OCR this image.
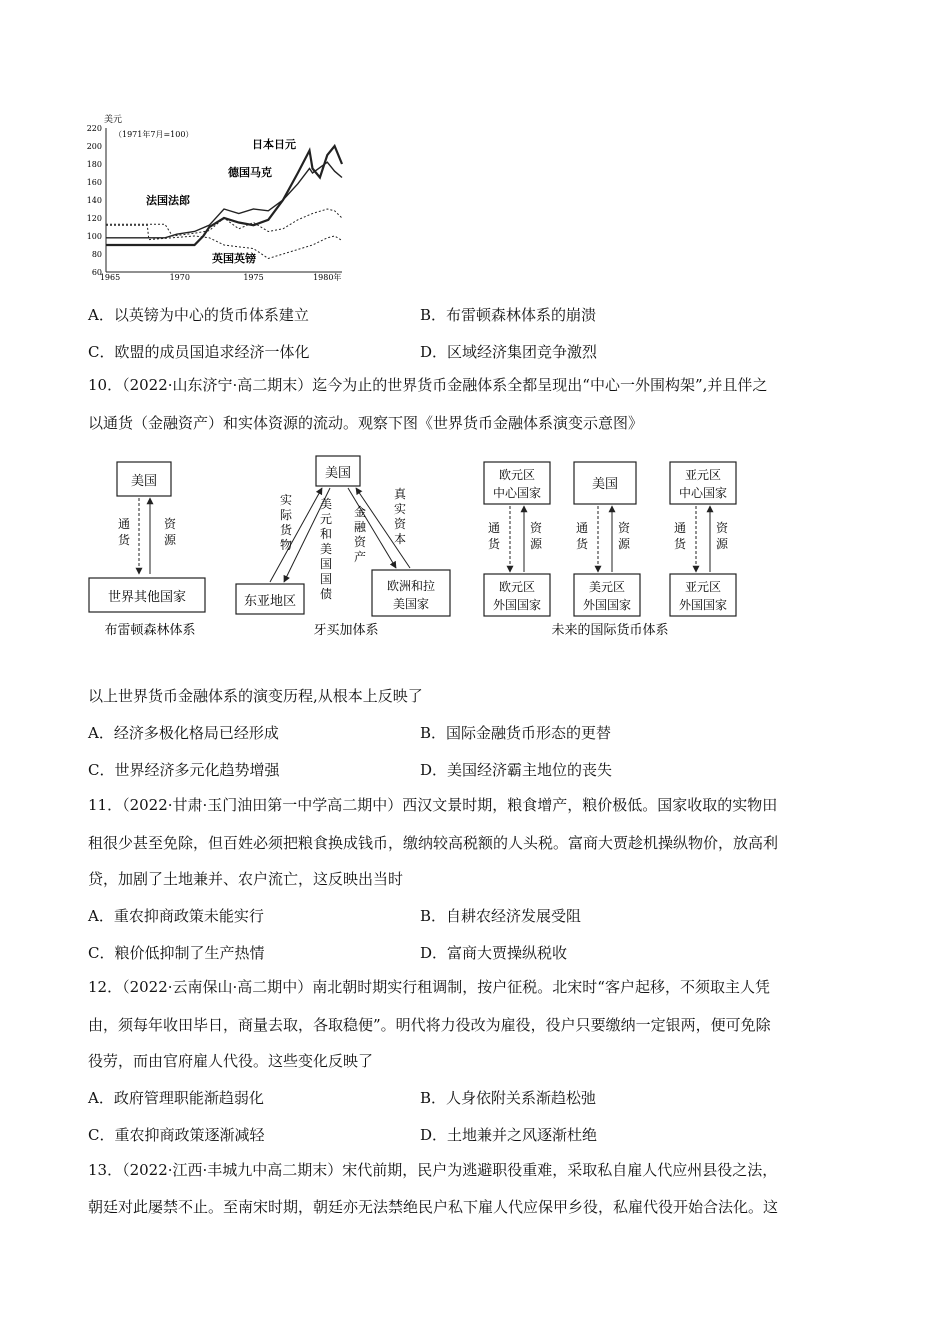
美元
（1971年7月=100）
220
200
180
160
140
120
100
80
60
1965	1970	1975	1980年
日本日元
德国马克
法国法郎
英国英镑
A．以英镑为中心的货币体系建立	B．布雷顿森林体系的崩溃
C．欧盟的成员国追求经济一体化	D．区域经济集团竞争激烈
10．（2022·山东济宁·高二期末）迄今为止的世界货币金融体系全都呈现出“中心一外围构架”,并且伴之
以通货（金融资产）和实体资源的流动。观察下图《世界货币金融体系演变示意图》
美国
通货
资源
世界其他国家
布雷顿森林体系
美国
东亚地区
欧洲和拉
美国家
实际货物
美元和美国国债
金融资产
真实资本
牙买加体系
欧元区
中心国家
通货
资源
欧元区
外国国家
美国
通货
资源
美元区
外国国家
亚元区
中心国家
通货
资源
亚元区
外国国家
未来的国际货币体系
以上世界货币金融体系的演变历程,从根本上反映了
A．经济多极化格局已经形成	B．国际金融货币形态的更替
C．世界经济多元化趋势增强	D．美国经济霸主地位的丧失
11．（2022·甘肃·玉门油田第一中学高二期中）西汉文景时期，粮食增产，粮价极低。国家收取的实物田
租很少甚至免除，但百姓必须把粮食换成钱币，缴纳较高税额的人头税。富商大贾趁机操纵物价，放高利
贷，加剧了土地兼并、农户流亡，这反映出当时
A．重农抑商政策未能实行	B．自耕农经济发展受阻
C．粮价低抑制了生产热情	D．富商大贾操纵税收
12．（2022·云南保山·高二期中）南北朝时期实行租调制，按户征税。北宋时“客户起移，不须取主人凭
由，须每年收田毕日，商量去取，各取稳便”。明代将力役改为雇役，役户只要缴纳一定银两，便可免除
役劳，而由官府雇人代役。这些变化反映了
A．政府管理职能渐趋弱化	B．人身依附关系渐趋松弛
C．重农抑商政策逐渐减轻	D．土地兼并之风逐渐杜绝
13．（2022·江西·丰城九中高二期末）宋代前期，民户为逃避职役重难，采取私自雇人代应州县役之法，
朝廷对此屡禁不止。至南宋时期，朝廷亦无法禁绝民户私下雇人代应保甲乡役，私雇代役开始合法化。这
